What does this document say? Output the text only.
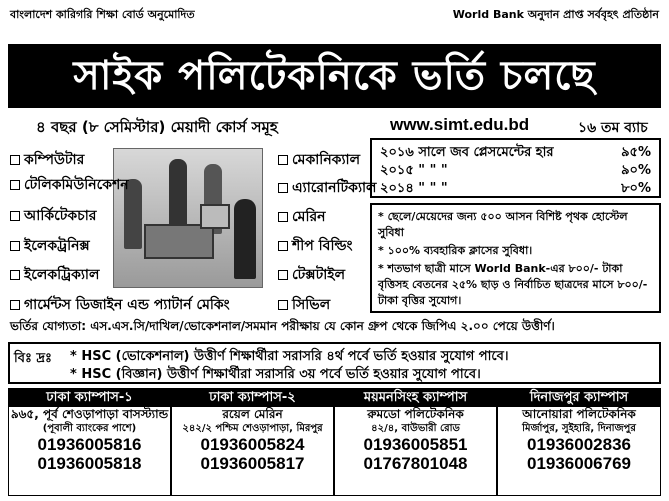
বাংলাদেশ কারিগরি শিক্ষা বোর্ড অনুমোদিত	World Bank অনুদান প্রাপ্ত সর্ববৃহৎ প্রতিষ্ঠান
সাইক পলিটেকনিকে ভর্তি চলছে
৪ বছর (৮ সেমিস্টার) মেয়াদী কোর্স সমূহ	www.simt.edu.bd	১৬ তম ব্যাচ
২০১৬ সালে জব প্লেসমেন্টের হার	৯৫%
২০১৫ " " "	৯০%
২০১৪ " " "	৮০%
কম্পিউটার
টেলিকমিউনিকেশন
আর্কিটেকচার
ইলেকট্রনিক্স
ইলেকট্রিক্যাল
গার্মেন্টস ডিজাইন এন্ড প্যাটার্ন মেকিং
মেকানিক্যাল
এ্যারোনটিক্যাল
মেরিন
শীপ বিল্ডিং
টেক্সটাইল
সিভিল

* ছেলে/মেয়েদের জন্য ৫০০ আসন বিশিষ্ট পৃথক হোস্টেল সুবিধা

* ১০০% ব্যবহারিক ক্লাসের সুবিধা।

* শতভাগ ছাত্রী মাসে World Bank-এর ৮০০/- টাকা বৃত্তিসহ বেতনের ২৫% ছাড় ও নির্বাচিত ছাত্রদের মাসে ৮০০/- টাকা বৃত্তির সুযোগ।

ভর্তির যোগ্যতা: এস.এস.সি/দাখিল/ভোকেশনাল/সমমান পরীক্ষায় যে কোন গ্রুপ থেকে জিপিএ ২.০০ পেয়ে উত্তীর্ণ।
বিঃ দ্রঃ	* HSC (ভোকেশনাল) উত্তীর্ণ শিক্ষার্থীরা সরাসরি ৪র্থ পর্বে ভর্তি হওয়ার সুযোগ পাবে।
* HSC (বিজ্ঞান) উত্তীর্ণ শিক্ষার্থীরা সরাসরি ৩য় পর্বে ভর্তি হওয়ার সুযোগ পাবে।
ঢাকা ক্যাম্পাস-১
৯৬৫, পূর্ব শেওড়াপাড়া বাসস্ট্যান্ড
(পূবালী ব্যাংকের পাশে)
01936005816
01936005818
ঢাকা ক্যাম্পাস-২
রয়েল মেরিন
২৪২/২ পশ্চিম শেওড়াপাড়া, মিরপুর
01936005824
01936005817
ময়মনসিংহ ক্যাম্পাস
রুমডো পলিটেকনিক
৪২/৪, বাউভারী রোড
01936005851
01767801048
দিনাজপুর ক্যাম্পাস
আনোয়ারা পলিটেকনিক
মির্জাপুর, সুইহারি, দিনাজপুর
01936002836
01936006769
